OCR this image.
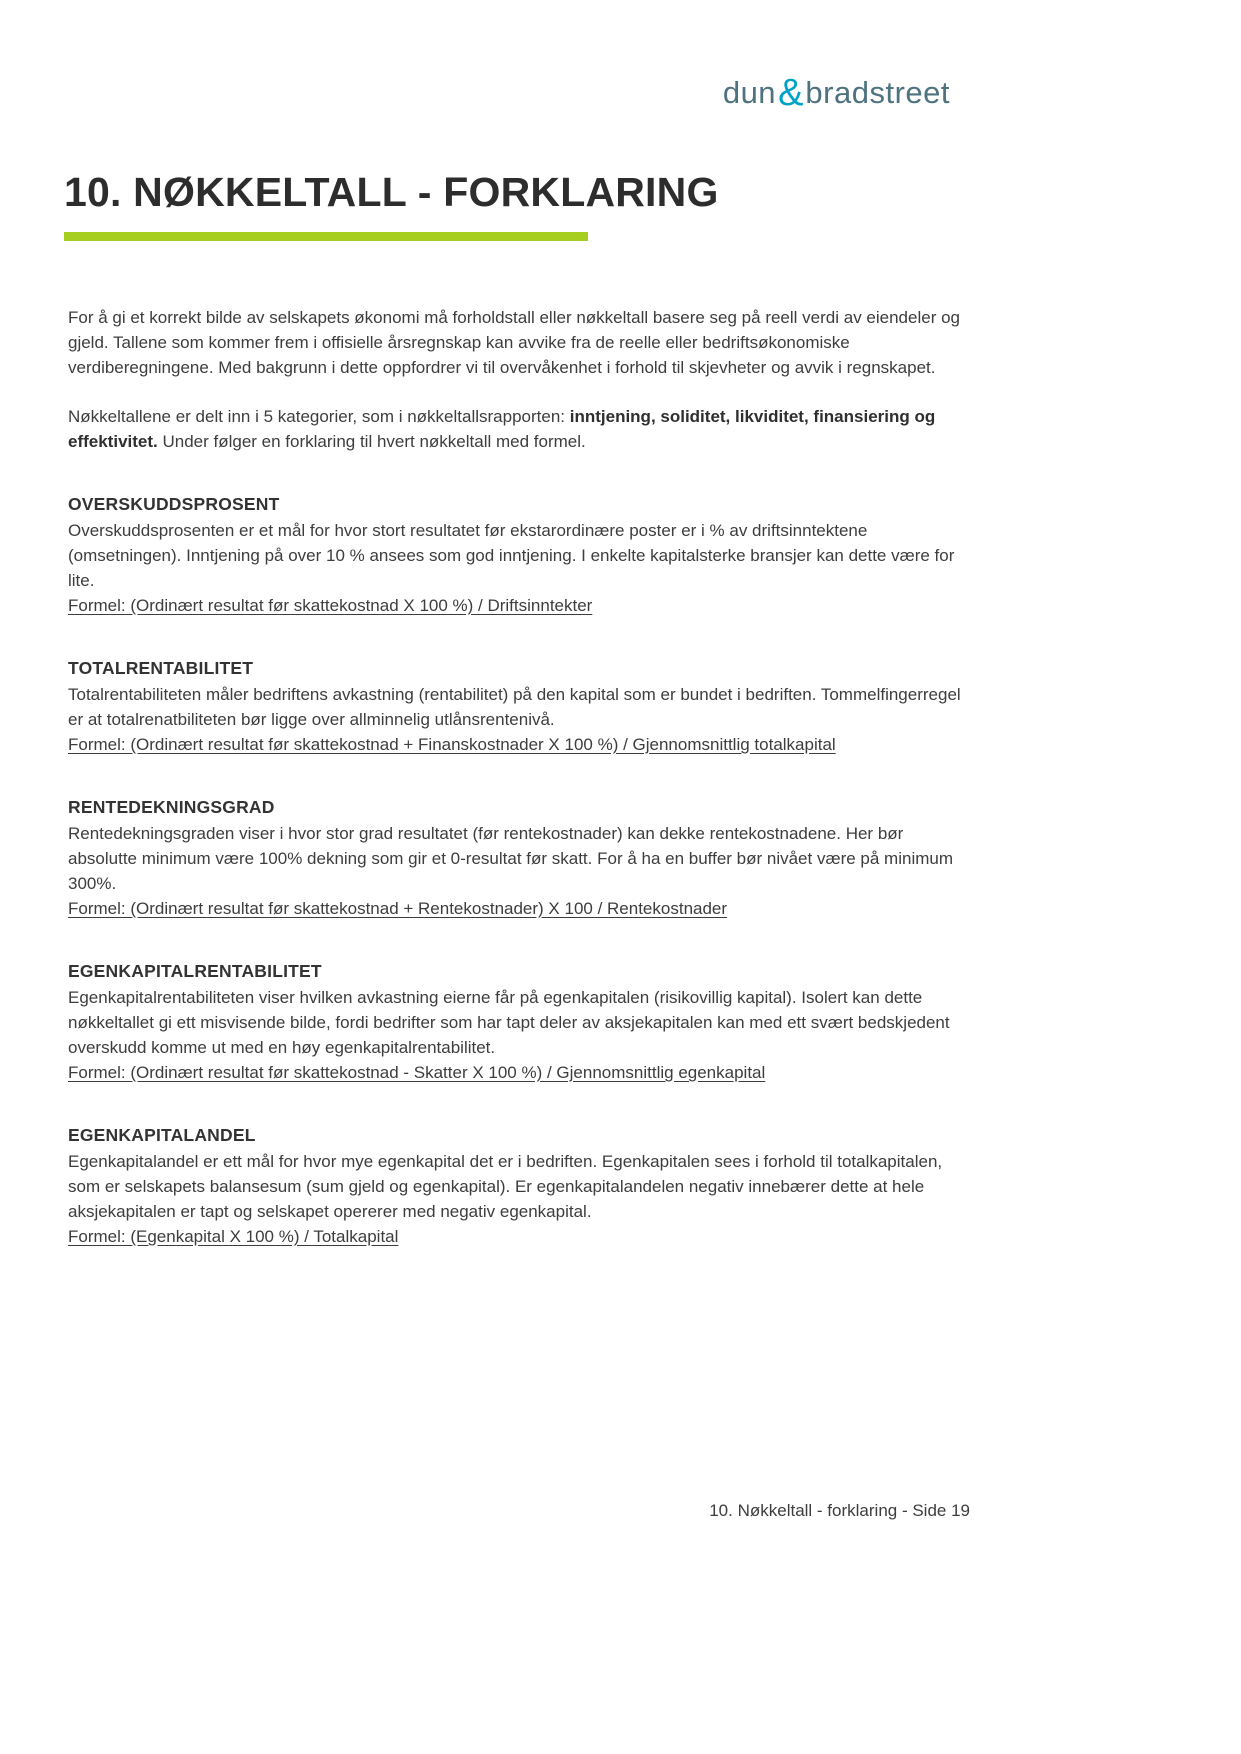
dun & bradstreet
10. NØKKELTALL - FORKLARING

For å gi et korrekt bilde av selskapets økonomi må forholdstall eller nøkkeltall basere seg på reell verdi av eiendeler og gjeld. Tallene som kommer frem i offisielle årsregnskap kan avvike fra de reelle eller bedriftsøkonomiske verdiberegningene. Med bakgrunn i dette oppfordrer vi til overvåkenhet i forhold til skjevheter og avvik i regnskapet.

Nøkkeltallene er delt inn i 5 kategorier, som i nøkkeltallsrapporten: inntjening, soliditet, likviditet, finansiering og effektivitet. Under følger en forklaring til hvert nøkkeltall med formel.

OVERSKUDDSPROSENT

Overskuddsprosenten er et mål for hvor stort resultatet før ekstarordinære poster er i % av driftsinntektene (omsetningen). Inntjening på over 10 % ansees som god inntjening. I enkelte kapitalsterke bransjer kan dette være for lite.

Formel: (Ordinært resultat før skattekostnad X 100 %) / Driftsinntekter

TOTALRENTABILITET

Totalrentabiliteten måler bedriftens avkastning (rentabilitet) på den kapital som er bundet i bedriften. Tommelfingerregel er at totalrenatbiliteten bør ligge over allminnelig utlånsrentenivå.

Formel: (Ordinært resultat før skattekostnad + Finanskostnader X 100 %) / Gjennomsnittlig totalkapital

RENTEDEKNINGSGRAD

Rentedekningsgraden viser i hvor stor grad resultatet (før rentekostnader) kan dekke rentekostnadene. Her bør absolutte minimum være 100% dekning som gir et 0-resultat før skatt. For å ha en buffer bør nivået være på minimum 300%.

Formel: (Ordinært resultat før skattekostnad + Rentekostnader) X 100 / Rentekostnader

EGENKAPITALRENTABILITET

Egenkapitalrentabiliteten viser hvilken avkastning eierne får på egenkapitalen (risikovillig kapital). Isolert kan dette nøkkeltallet gi ett misvisende bilde, fordi bedrifter som har tapt deler av aksjekapitalen kan med ett svært bedskjedent overskudd komme ut med en høy egenkapitalrentabilitet.

Formel: (Ordinært resultat før skattekostnad - Skatter X 100 %) / Gjennomsnittlig egenkapital

EGENKAPITALANDEL

Egenkapitalandel er ett mål for hvor mye egenkapital det er i bedriften. Egenkapitalen sees i forhold til totalkapitalen, som er selskapets balansesum (sum gjeld og egenkapital). Er egenkapitalandelen negativ innebærer dette at hele aksjekapitalen er tapt og selskapet opererer med negativ egenkapital.

Formel: (Egenkapital X 100 %) / Totalkapital

10. Nøkkeltall - forklaring - Side 19
